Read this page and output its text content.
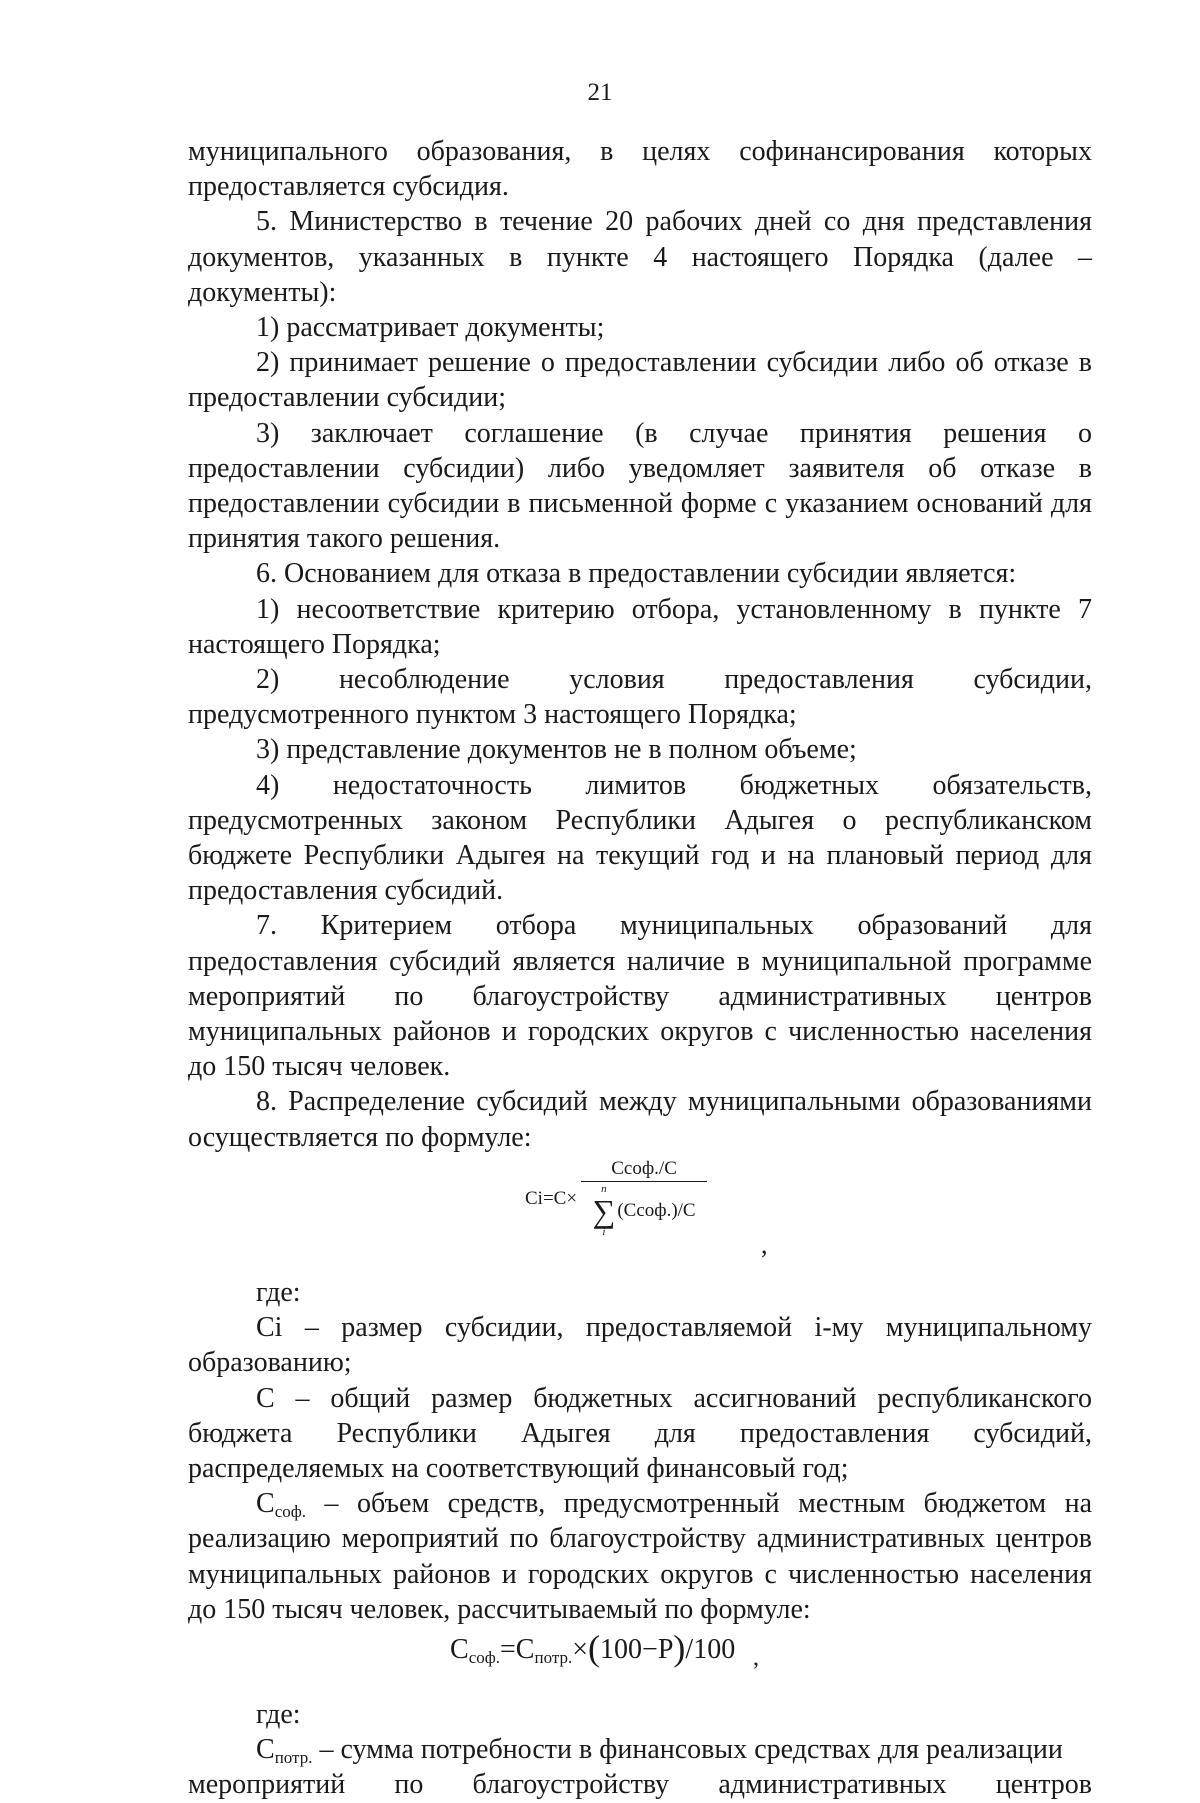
21

муниципального образования, в целях софинансирования которых предоставляется субсидия.

5. Министерство в течение 20 рабочих дней со дня представления документов, указанных в пункте 4 настоящего Порядка (далее – документы):

1) рассматривает документы;

2) принимает решение о предоставлении субсидии либо об отказе в предоставлении субсидии;

3) заключает соглашение (в случае принятия решения о предоставлении субсидии) либо уведомляет заявителя об отказе в предоставлении субсидии в письменной форме с указанием оснований для принятия такого решения.

6. Основанием для отказа в предоставлении субсидии является:

1) несоответствие критерию отбора, установленному в пункте 7 настоящего Порядка;

2) несоблюдение условия предоставления субсидии, предусмотренного пунктом 3 настоящего Порядка;

3) представление документов не в полном объеме;

4) недостаточность лимитов бюджетных обязательств, предусмотренных законом Республики Адыгея о республиканском бюджете Республики Адыгея на текущий год и на плановый период для предоставления субсидий.

7. Критерием отбора муниципальных образований для предоставления субсидий является наличие в муниципальной программе мероприятий по благоустройству административных центров муниципальных районов и городских округов с численностью населения до 150 тысяч человек.

8. Распределение субсидий между муниципальными образованиями осуществляется по формуле:

Ci=C× Cсоф./C
n
∑
i
(Cсоф.)/C
,

где:

Ci – размер субсидии, предоставляемой i-му муниципальному образованию;

C – общий размер бюджетных ассигнований республиканского бюджета Республики Адыгея для предоставления субсидий, распределяемых на соответствующий финансовый год;

$C_{соф.}$ – объем средств, предусмотренный местным бюджетом на реализацию мероприятий по благоустройству административных центров муниципальных районов и городских округов с численностью населения до 150 тысяч человек, рассчитываемый по формуле:

Cсоф.=Cпотр.×(100−P)/100 ,

где:

$C_{потр.}$ – сумма потребности в финансовых средствах для реализации

мероприятий по благоустройству административных центров
